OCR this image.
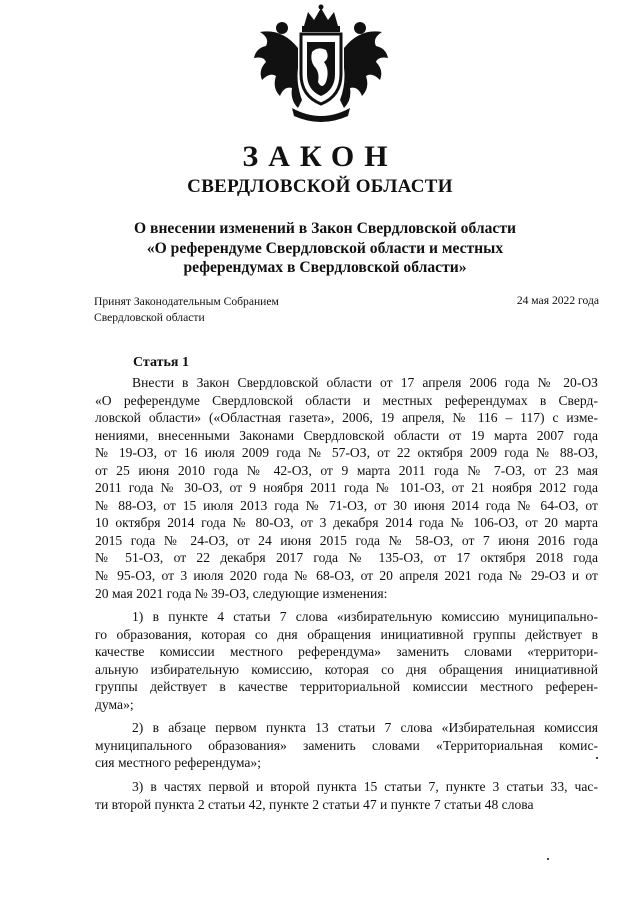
ЗАКОН
СВЕРДЛОВСКОЙ ОБЛАСТИ
О внесении изменений в Закон Свердловской области
«О референдуме Свердловской области и местных
референдумах в Свердловской области»
Принят Законодательным Собранием
Свердловской области
24 мая 2022 года
Статья 1
Внести в Закон Свердловской области от 17 апреля 2006 года № 20-ОЗ
«О референдуме Свердловской области и местных референдумах в Сверд-
ловской области» («Областная газета», 2006, 19 апреля, № 116 – 117) с изме-
нениями, внесенными Законами Свердловской области от 19 марта 2007 года
№ 19-ОЗ, от 16 июля 2009 года № 57-ОЗ, от 22 октября 2009 года № 88-ОЗ,
от 25 июня 2010 года № 42-ОЗ, от 9 марта 2011 года № 7-ОЗ, от 23 мая
2011 года № 30-ОЗ, от 9 ноября 2011 года № 101-ОЗ, от 21 ноября 2012 года
№ 88-ОЗ, от 15 июля 2013 года № 71-ОЗ, от 30 июня 2014 года № 64-ОЗ, от
10 октября 2014 года № 80-ОЗ, от 3 декабря 2014 года № 106-ОЗ, от 20 марта
2015 года № 24-ОЗ, от 24 июня 2015 года № 58-ОЗ, от 7 июня 2016 года
№ 51-ОЗ, от 22 декабря 2017 года № 135-ОЗ, от 17 октября 2018 года
№ 95-ОЗ, от 3 июля 2020 года № 68-ОЗ, от 20 апреля 2021 года № 29-ОЗ и от
20 мая 2021 года № 39-ОЗ, следующие изменения:
1) в пункте 4 статьи 7 слова «избирательную комиссию муниципально-
го образования, которая со дня обращения инициативной группы действует в
качестве комиссии местного референдума» заменить словами «территори-
альную избирательную комиссию, которая со дня обращения инициативной
группы действует в качестве территориальной комиссии местного референ-
дума»;
2) в абзаце первом пункта 13 статьи 7 слова «Избирательная комиссия
муниципального образования» заменить словами «Территориальная комис-
сия местного референдума»;
3) в частях первой и второй пункта 15 статьи 7, пункте 3 статьи 33, час-
ти второй пункта 2 статьи 42, пункте 2 статьи 47 и пункте 7 статьи 48 слова
